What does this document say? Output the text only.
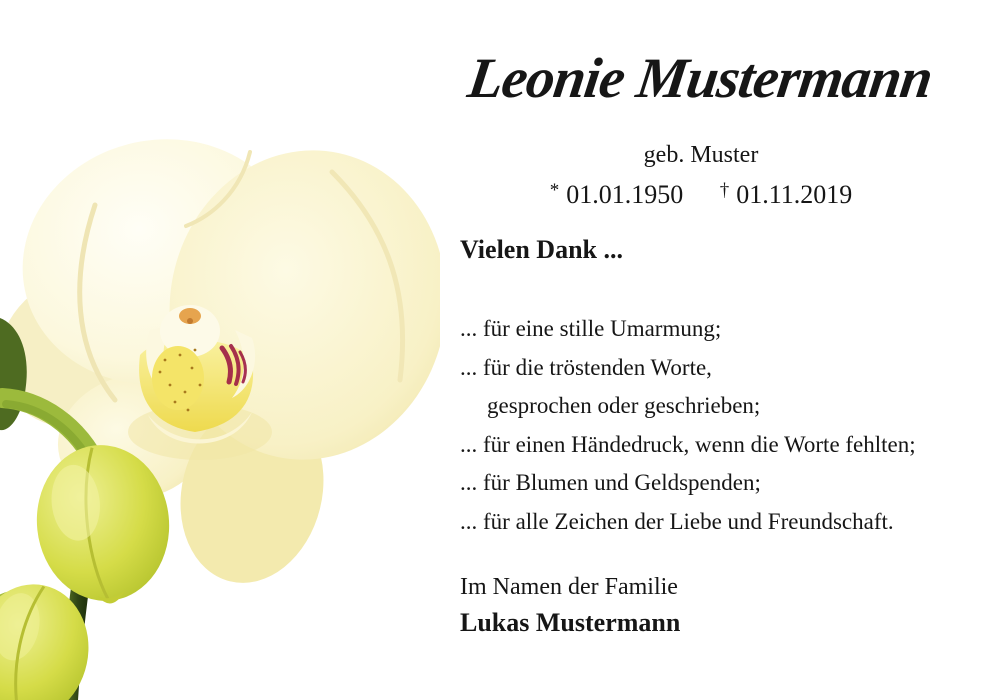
Leonie Mustermann
geb. Muster
* 01.01.1950 † 01.11.2019
Vielen Dank ...
... für eine stille Umarmung;
... für die tröstenden Worte,
gesprochen oder geschrieben;
... für einen Händedruck, wenn die Worte fehlten;
... für Blumen und Geldspenden;
... für alle Zeichen der Liebe und Freundschaft.
Im Namen der Familie
Lukas Mustermann
